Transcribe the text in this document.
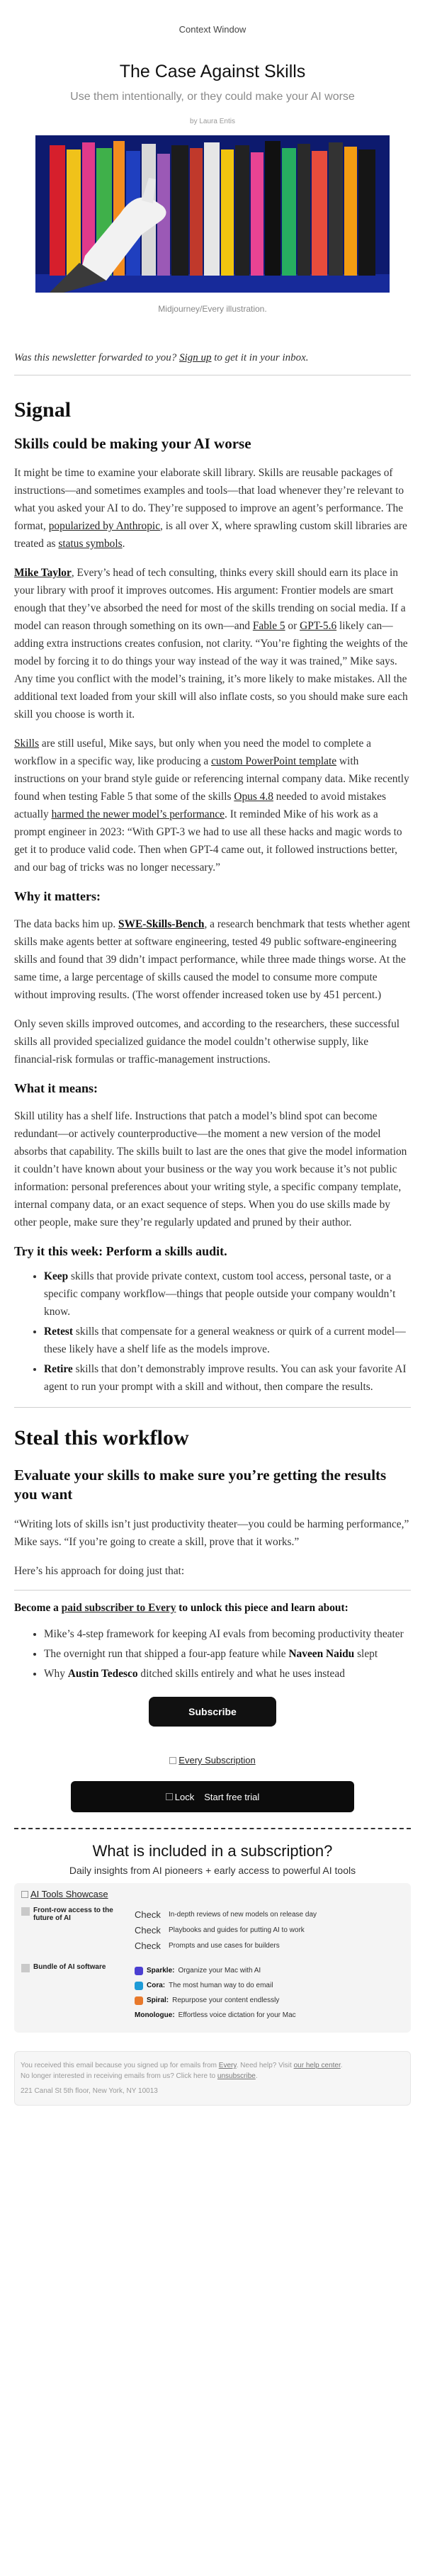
Context Window
The Case Against Skills
Use them intentionally, or they could make your AI worse
by Laura Entis
Midjourney/Every illustration.

Was this newsletter forwarded to you? Sign up to get it in your inbox.

Signal
Skills could be making your AI worse

It might be time to examine your elaborate skill library. Skills are reusable packages of instructions—and sometimes examples and tools—that load whenever they’re relevant to what you asked your AI to do. They’re supposed to improve an agent’s performance. The format, popularized by Anthropic, is all over X, where sprawling custom skill libraries are treated as status symbols.

Mike Taylor, Every’s head of tech consulting, thinks every skill should earn its place in your library with proof it improves outcomes. His argument: Frontier models are smart enough that they’ve absorbed the need for most of the skills trending on social media. If a model can reason through something on its own—and Fable 5 or GPT-5.6 likely can—adding extra instructions creates confusion, not clarity. “You’re fighting the weights of the model by forcing it to do things your way instead of the way it was trained,” Mike says. Any time you conflict with the model’s training, it’s more likely to make mistakes. All the additional text loaded from your skill will also inflate costs, so you should make sure each skill you choose is worth it.

Skills are still useful, Mike says, but only when you need the model to complete a workflow in a specific way, like producing a custom PowerPoint template with instructions on your brand style guide or referencing internal company data. Mike recently found when testing Fable 5 that some of the skills Opus 4.8 needed to avoid mistakes actually harmed the newer model’s performance. It reminded Mike of his work as a prompt engineer in 2023: “With GPT-3 we had to use all these hacks and magic words to get it to produce valid code. Then when GPT-4 came out, it followed instructions better, and our bag of tricks was no longer necessary.”

Why it matters:

The data backs him up. SWE-Skills-Bench, a research benchmark that tests whether agent skills make agents better at software engineering, tested 49 public software-engineering skills and found that 39 didn’t impact performance, while three made things worse. At the same time, a large percentage of skills caused the model to consume more compute without improving results. (The worst offender increased token use by 451 percent.)

Only seven skills improved outcomes, and according to the researchers, these successful skills all provided specialized guidance the model couldn’t otherwise supply, like financial-risk formulas or traffic-management instructions.

What it means:

Skill utility has a shelf life. Instructions that patch a model’s blind spot can become redundant—or actively counterproductive—the moment a new version of the model absorbs that capability. The skills built to last are the ones that give the model information it couldn’t have known about your business or the way you work because it’s not public information: personal preferences about your writing style, a specific company template, internal company data, or an exact sequence of steps. When you do use skills made by other people, make sure they’re regularly updated and pruned by their author.

Try it this week: Perform a skills audit.
• Keep skills that provide private context, custom tool access, personal taste, or a specific company workflow—things that people outside your company wouldn’t know.
• Retest skills that compensate for a general weakness or quirk of a current model—these likely have a shelf life as the models improve.
• Retire skills that don’t demonstrably improve results. You can ask your favorite AI agent to run your prompt with a skill and without, then compare the results.
Steal this workflow
Evaluate your skills to make sure you’re getting the results you want

“Writing lots of skills isn’t just productivity theater—you could be harming performance,” Mike says. “If you’re going to create a skill, prove that it works.”

Here’s his approach for doing just that:

Become a paid subscriber to Every to unlock this piece and learn about:

• Mike’s 4-step framework for keeping AI evals from becoming productivity theater
• The overnight run that shipped a four-app feature while Naveen Naidu slept
• Why Austin Tedesco ditched skills entirely and what he uses instead
Subscribe
Every Subscription
Lock Start free trial
What is included in a subscription?
Daily insights from AI pioneers + early access to powerful AI tools
AI Tools Showcase
Front-row access to the future of AI	Check	In-depth reviews of new models on release day
Check	Playbooks and guides for putting AI to work
Check	Prompts and use cases for builders
Bundle of AI software	Sparkle: Organize your Mac with AI
Cora: The most human way to do email
Spiral: Repurpose your content endlessly
Monologue: Effortless voice dictation for your Mac
You received this email because you signed up for emails from Every. Need help? Visit our help center.
No longer interested in receiving emails from us? Click here to unsubscribe.
221 Canal St 5th floor, New York, NY 10013
